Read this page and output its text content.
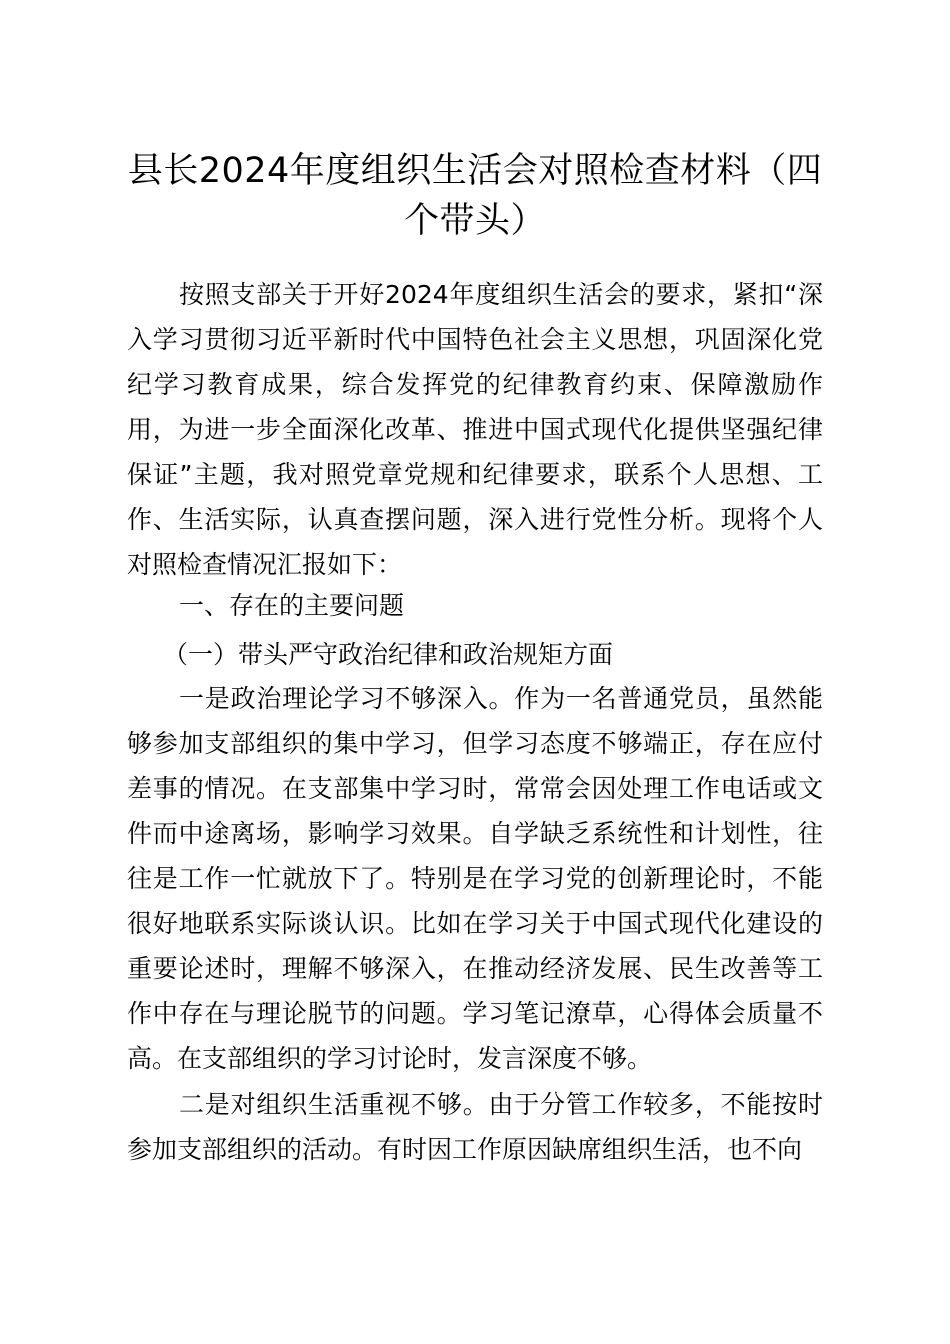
县长2024年度组织生活会对照检查材料（四个带头）

按照支部关于开好2024年度组织生活会的要求，紧扣“深入学习贯彻习近平新时代中国特色社会主义思想，巩固深化党纪学习教育成果，综合发挥党的纪律教育约束、保障激励作用，为进一步全面深化改革、推进中国式现代化提供坚强纪律保证”主题，我对照党章党规和纪律要求，联系个人思想、工作、生活实际，认真查摆问题，深入进行党性分析。现将个人对照检查情况汇报如下：

一、存在的主要问题

（一）带头严守政治纪律和政治规矩方面

一是政治理论学习不够深入。作为一名普通党员，虽然能够参加支部组织的集中学习，但学习态度不够端正，存在应付差事的情况。在支部集中学习时，常常会因处理工作电话或文件而中途离场，影响学习效果。自学缺乏系统性和计划性，往往是工作一忙就放下了。特别是在学习党的创新理论时，不能很好地联系实际谈认识。比如在学习关于中国式现代化建设的重要论述时，理解不够深入，在推动经济发展、民生改善等工作中存在与理论脱节的问题。学习笔记潦草，心得体会质量不高。在支部组织的学习讨论时，发言深度不够。

二是对组织生活重视不够。由于分管工作较多，不能按时参加支部组织的活动。有时因工作原因缺席组织生活，也不向
